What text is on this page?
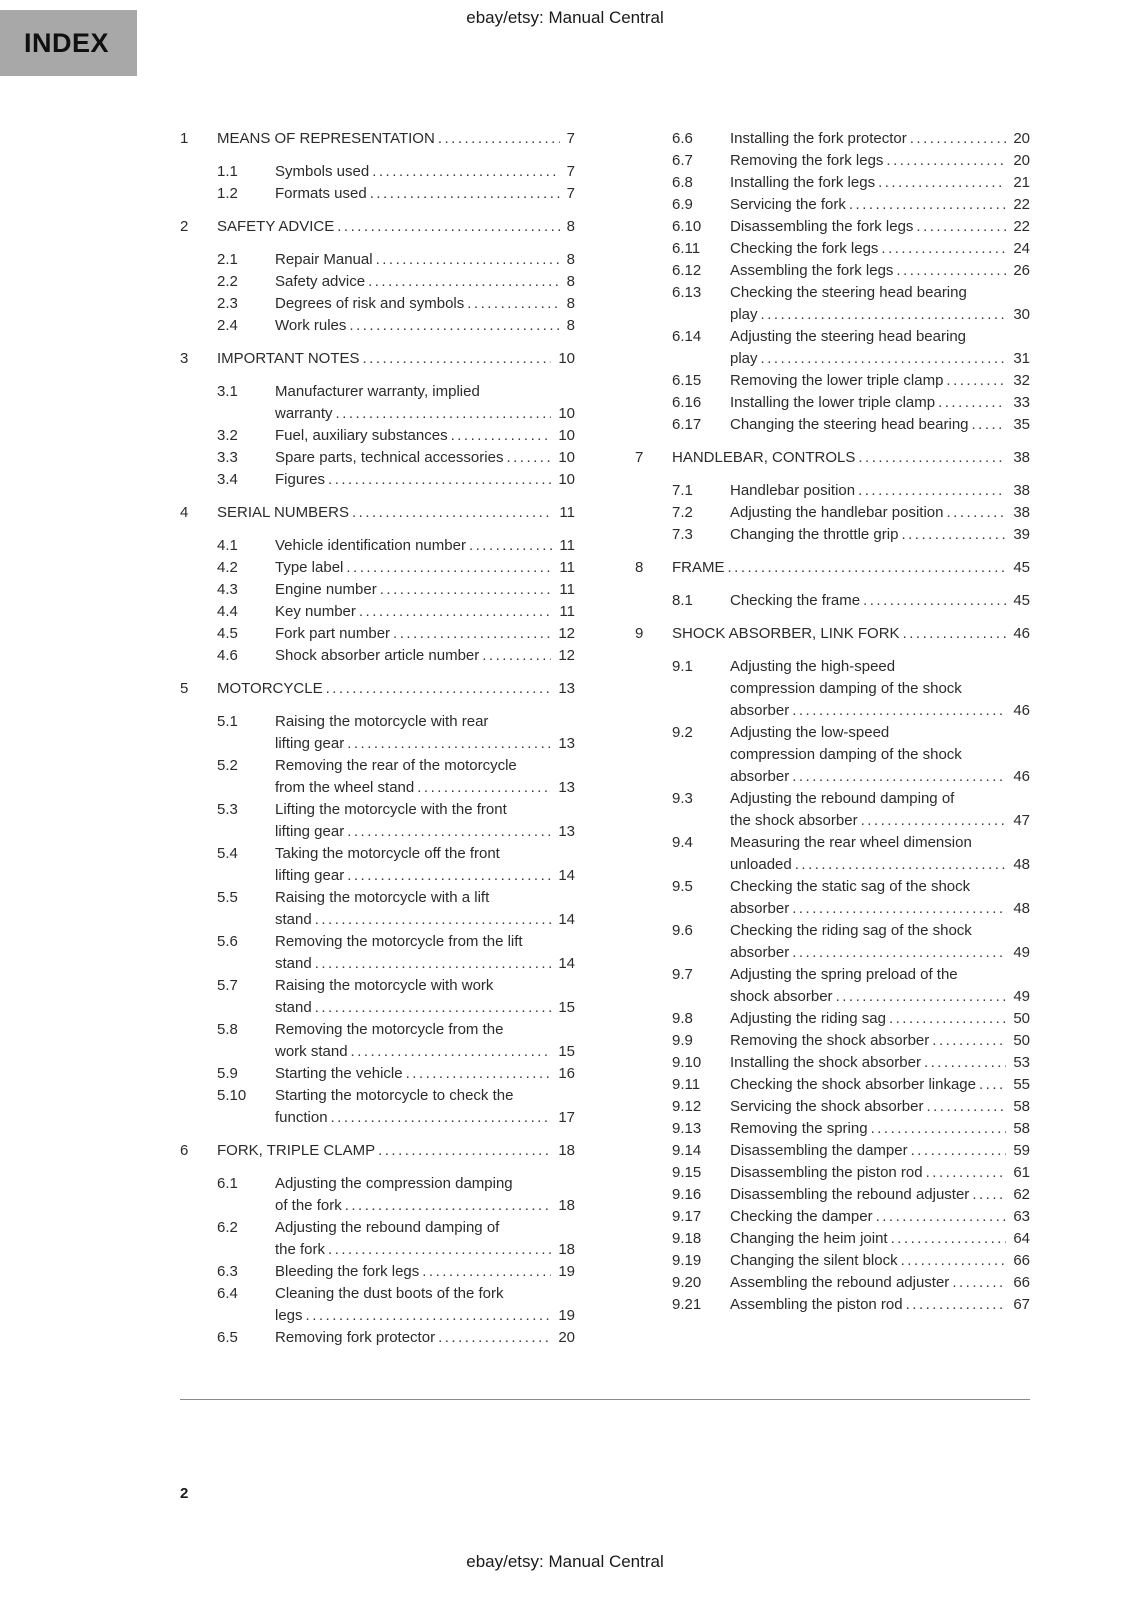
ebay/etsy: Manual Central
INDEX
1	MEANS OF REPRESENTATION .....	7
1.1	Symbols used .....	7
1.2	Formats used .....	7
2	SAFETY ADVICE .....	8
2.1	Repair Manual .....	8
2.2	Safety advice .....	8
2.3	Degrees of risk and symbols .....	8
2.4	Work rules .....	8
3	IMPORTANT NOTES .....	10
3.1	Manufacturer warranty, implied warranty .....	10
3.2	Fuel, auxiliary substances .....	10
3.3	Spare parts, technical accessories .....	10
3.4	Figures .....	10
4	SERIAL NUMBERS .....	11
4.1	Vehicle identification number .....	11
4.2	Type label .....	11
4.3	Engine number .....	11
4.4	Key number .....	11
4.5	Fork part number .....	12
4.6	Shock absorber article number .....	12
5	MOTORCYCLE .....	13
5.1	Raising the motorcycle with rear lifting gear .....	13
5.2	Removing the rear of the motorcycle from the wheel stand .....	13
5.3	Lifting the motorcycle with the front lifting gear .....	13
5.4	Taking the motorcycle off the front lifting gear .....	14
5.5	Raising the motorcycle with a lift stand .....	14
5.6	Removing the motorcycle from the lift stand .....	14
5.7	Raising the motorcycle with work stand .....	15
5.8	Removing the motorcycle from the work stand .....	15
5.9	Starting the vehicle .....	16
5.10	Starting the motorcycle to check the function .....	17
6	FORK, TRIPLE CLAMP .....	18
6.1	Adjusting the compression damping of the fork .....	18
6.2	Adjusting the rebound damping of the fork .....	18
6.3	Bleeding the fork legs .....	19
6.4	Cleaning the dust boots of the fork legs .....	19
6.5	Removing fork protector .....	20
6.6	Installing the fork protector .....	20
6.7	Removing the fork legs .....	20
6.8	Installing the fork legs .....	21
6.9	Servicing the fork .....	22
6.10	Disassembling the fork legs .....	22
6.11	Checking the fork legs .....	24
6.12	Assembling the fork legs .....	26
6.13	Checking the steering head bearing play .....	30
6.14	Adjusting the steering head bearing play .....	31
6.15	Removing the lower triple clamp .....	32
6.16	Installing the lower triple clamp .....	33
6.17	Changing the steering head bearing .....	35
7	HANDLEBAR, CONTROLS .....	38
7.1	Handlebar position .....	38
7.2	Adjusting the handlebar position .....	38
7.3	Changing the throttle grip .....	39
8	FRAME .....	45
8.1	Checking the frame .....	45
9	SHOCK ABSORBER, LINK FORK .....	46
9.1	Adjusting the high-speed compression damping of the shock absorber .....	46
9.2	Adjusting the low-speed compression damping of the shock absorber .....	46
9.3	Adjusting the rebound damping of the shock absorber .....	47
9.4	Measuring the rear wheel dimension unloaded .....	48
9.5	Checking the static sag of the shock absorber .....	48
9.6	Checking the riding sag of the shock absorber .....	49
9.7	Adjusting the spring preload of the shock absorber .....	49
9.8	Adjusting the riding sag .....	50
9.9	Removing the shock absorber .....	50
9.10	Installing the shock absorber .....	53
9.11	Checking the shock absorber linkage .....	55
9.12	Servicing the shock absorber .....	58
9.13	Removing the spring .....	58
9.14	Disassembling the damper .....	59
9.15	Disassembling the piston rod .....	61
9.16	Disassembling the rebound adjuster .....	62
9.17	Checking the damper .....	63
9.18	Changing the heim joint .....	64
9.19	Changing the silent block .....	66
9.20	Assembling the rebound adjuster .....	66
9.21	Assembling the piston rod .....	67
2
ebay/etsy: Manual Central
